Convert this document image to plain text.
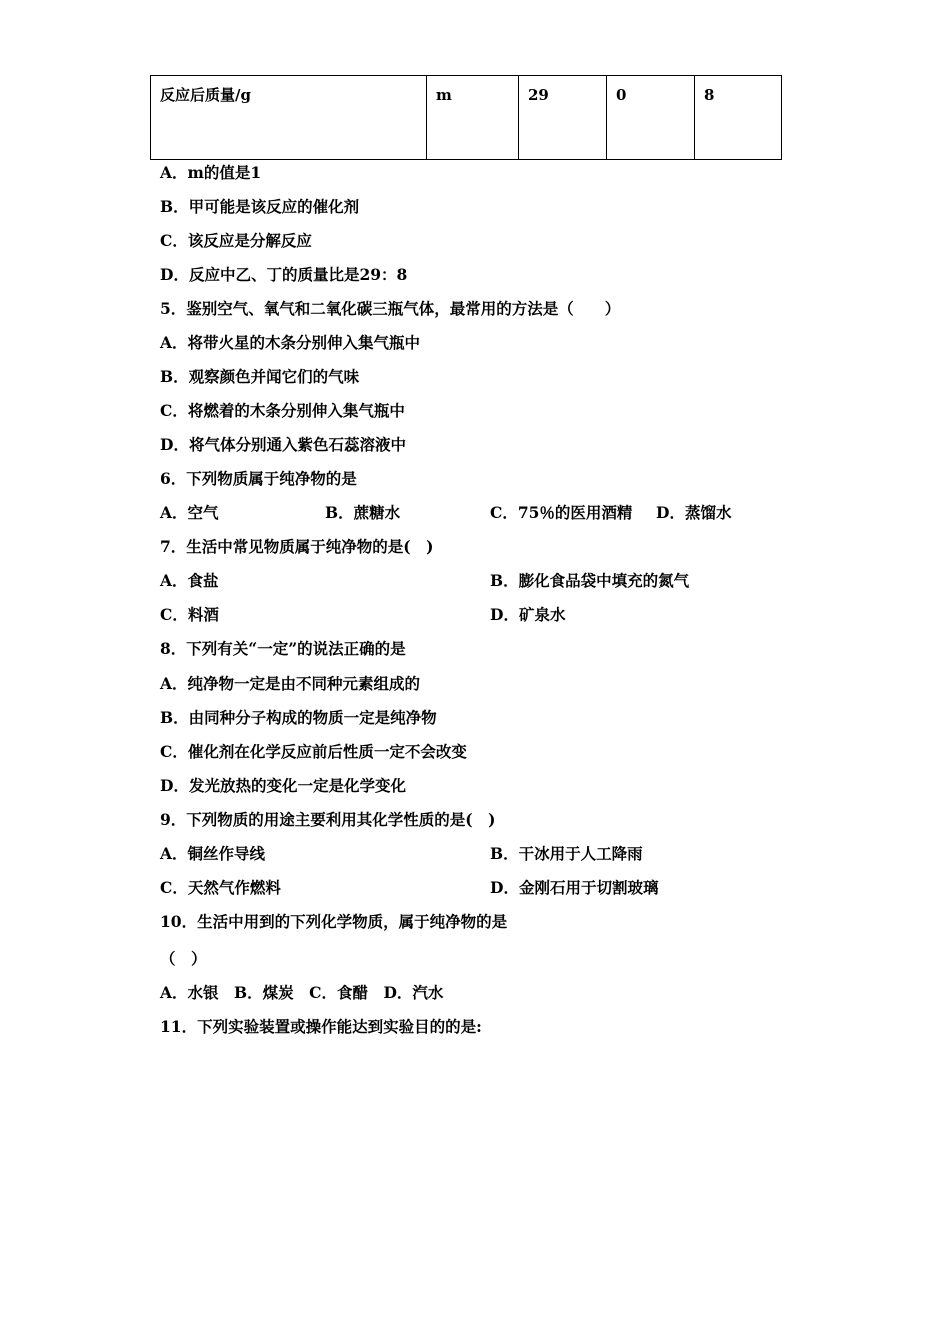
反应后质量/g	m	29	0	8
A．m的值是1
B．甲可能是该反应的催化剂
C．该反应是分解反应
D．反应中乙、丁的质量比是29：8
5．鉴别空气、氧气和二氧化碳三瓶气体，最常用的方法是（　　）
A．将带火星的木条分别伸入集气瓶中
B．观察颜色并闻它们的气味
C．将燃着的木条分别伸入集气瓶中
D．将气体分别通入紫色石蕊溶液中
6．下列物质属于纯净物的是
A．空气	B．蔗糖水	C．75％的医用酒精 D．蒸馏水
7．生活中常见物质属于纯净物的是(　)
A．食盐	B．膨化食品袋中填充的氮气
C．料酒	D．矿泉水
8．下列有关“一定”的说法正确的是
A．纯净物一定是由不同种元素组成的
B．由同种分子构成的物质一定是纯净物
C．催化剂在化学反应前后性质一定不会改变
D．发光放热的变化一定是化学变化
9．下列物质的用途主要利用其化学性质的是(　)
A．铜丝作导线	B．干冰用于人工降雨
C．天然气作燃料	D．金刚石用于切割玻璃
10．生活中用到的下列化学物质，属于纯净物的是
（　）
A．水银　B．煤炭　C．食醋　D．汽水
11．下列实验装置或操作能达到实验目的的是:
